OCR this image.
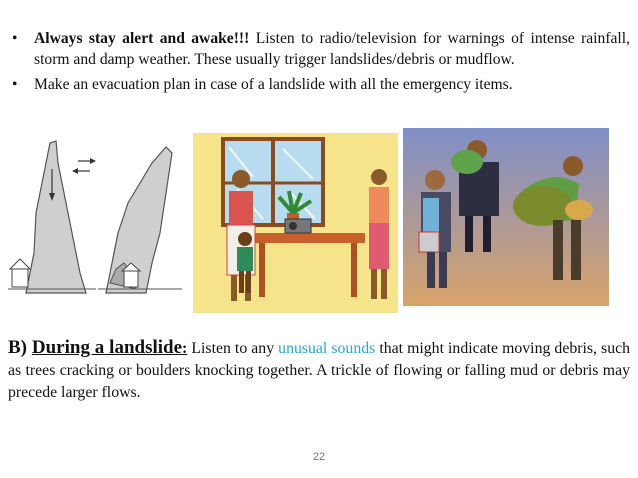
•	Always stay alert and awake!!! Listen to radio/television for warnings of intense rainfall, storm and damp weather. These usually trigger landslides/debris or mudflow.
•	Make an evacuation plan in case of a landslide with all the emergency items.
B) During a landslide: Listen to any unusual sounds that might indicate moving debris, such as trees cracking or boulders knocking together. A trickle of flowing or falling mud or debris may precede larger flows.
22
